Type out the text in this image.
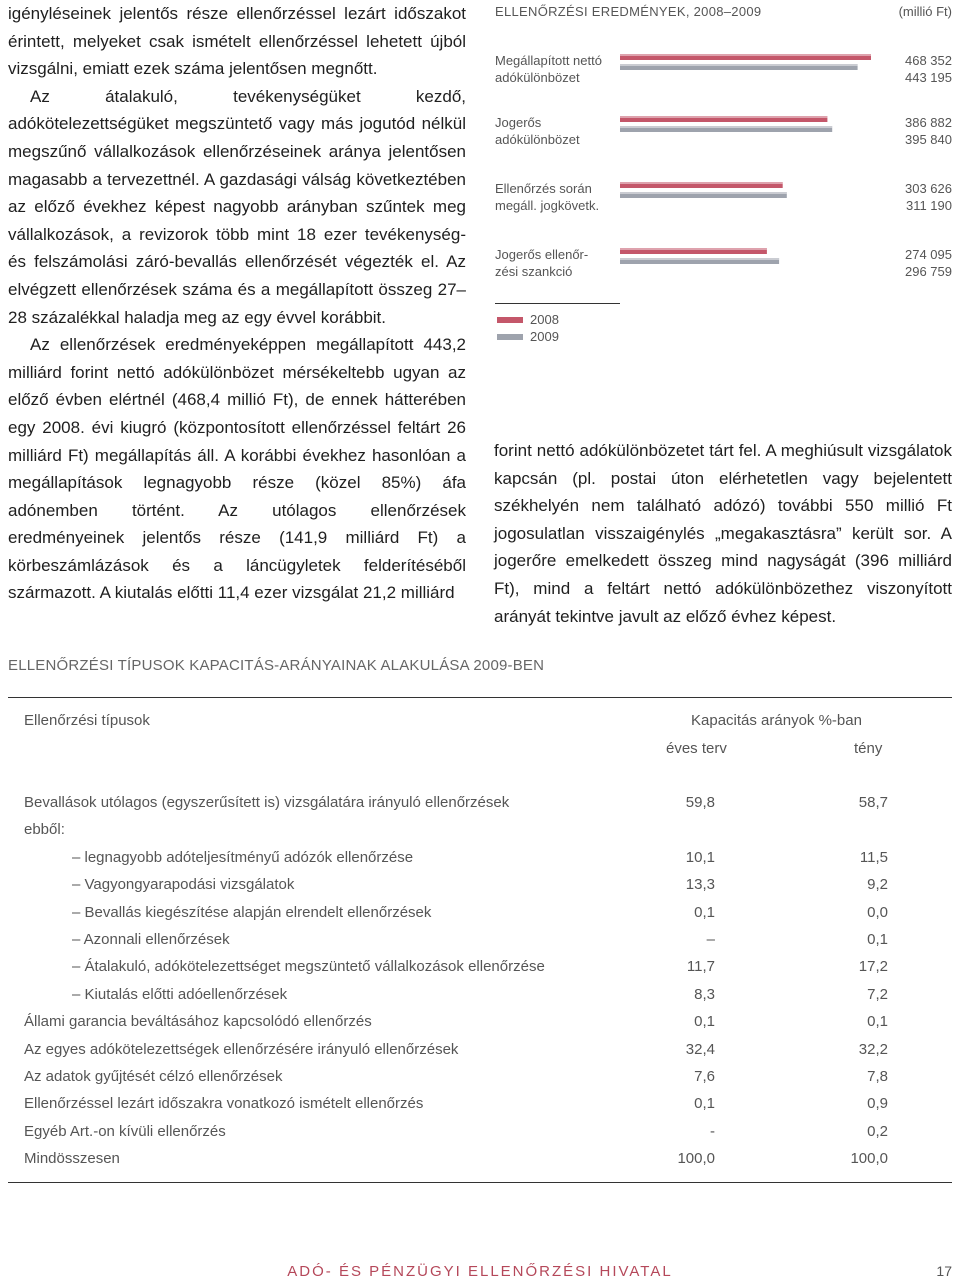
igényléseinek jelentős része ellenőrzéssel lezárt időszakot érintett, melyeket csak ismételt ellenőrzéssel lehetett újból vizsgálni, emiatt ezek száma jelentősen megnőtt.

Az átalakuló, tevékenységüket kezdő, adókötelezettségüket megszüntető vagy más jogutód nélkül megszűnő vállalkozások ellenőrzéseinek aránya jelentősen magasabb a tervezettnél. A gazdasági válság következtében az előző évekhez képest nagyobb arányban szűntek meg vállalkozások, a revizorok több mint 18 ezer tevékenység- és felszámolási záró-bevallás ellenőrzését végezték el. Az elvégzett ellenőrzések száma és a megállapított összeg 27–28 százalékkal haladja meg az egy évvel korábbit.

Az ellenőrzések eredményeképpen megállapított 443,2 milliárd forint nettó adókülönbözet mérsékeltebb ugyan az előző évben elértnél (468,4 millió Ft), de ennek hátterében egy 2008. évi kiugró (központosított ellenőrzéssel feltárt 26 milliárd Ft) megállapítás áll. A korábbi évekhez hasonlóan a megállapítások legnagyobb része (közel 85%) áfa adónemben történt. Az utólagos ellenőrzések eredményeinek jelentős része (141,9 milliárd Ft) a körbeszámlázások és a láncügyletek felderítéséből származott. A kiutalás előtti 11,4 ezer vizsgálat 21,2 milliárd

ELLENŐRZÉSI EREDMÉNYEK, 2008–2009	(millió Ft)
Megállapított nettó
adókülönbözet
Jogerős
adókülönbözet
Ellenőrzés során
megáll. jogkövetk.
Jogerős ellenőr-
zési szankció
468 352
443 195
386 882
395 840
303 626
311 190
274 095
296 759
2008
2009

forint nettó adókülönbözetet tárt fel. A meghiúsult vizsgálatok kapcsán (pl. postai úton elérhetetlen vagy bejelentett székhelyén nem található adózó) további 550 millió Ft jogosulatlan visszaigénylés „megakasztásra” került sor. A jogerőre emelkedett összeg mind nagyságát (396 milliárd Ft), mind a feltárt nettó adókülönbözethez viszonyított arányát tekintve javult az előző évhez képest.

ELLENŐRZÉSI TÍPUSOK KAPACITÁS-ARÁNYAINAK ALAKULÁSA 2009-BEN
Ellenőrzési típusok	Kapacitás arányok %-ban
éves terv	tény
Bevallások utólagos (egyszerűsített is) vizsgálatára irányuló ellenőrzések	59,8	58,7
ebből:
– legnagyobb adóteljesítményű adózók ellenőrzése	10,1	11,5
– Vagyongyarapodási vizsgálatok	13,3	9,2
– Bevallás kiegészítése alapján elrendelt ellenőrzések	0,1	0,0
– Azonnali ellenőrzések	–	0,1
– Átalakuló, adókötelezettséget megszüntető vállalkozások ellenőrzése	11,7	17,2
– Kiutalás előtti adóellenőrzések	8,3	7,2
Állami garancia beváltásához kapcsolódó ellenőrzés	0,1	0,1
Az egyes adókötelezettségek ellenőrzésére irányuló ellenőrzések	32,4	32,2
Az adatok gyűjtését célzó ellenőrzések	7,6	7,8
Ellenőrzéssel lezárt időszakra vonatkozó ismételt ellenőrzés	0,1	0,9
Egyéb Art.-on kívüli ellenőrzés	-	0,2
Mindösszesen	100,0	100,0
ADÓ- ÉS PÉNZÜGYI ELLENŐRZÉSI HIVATAL	17
